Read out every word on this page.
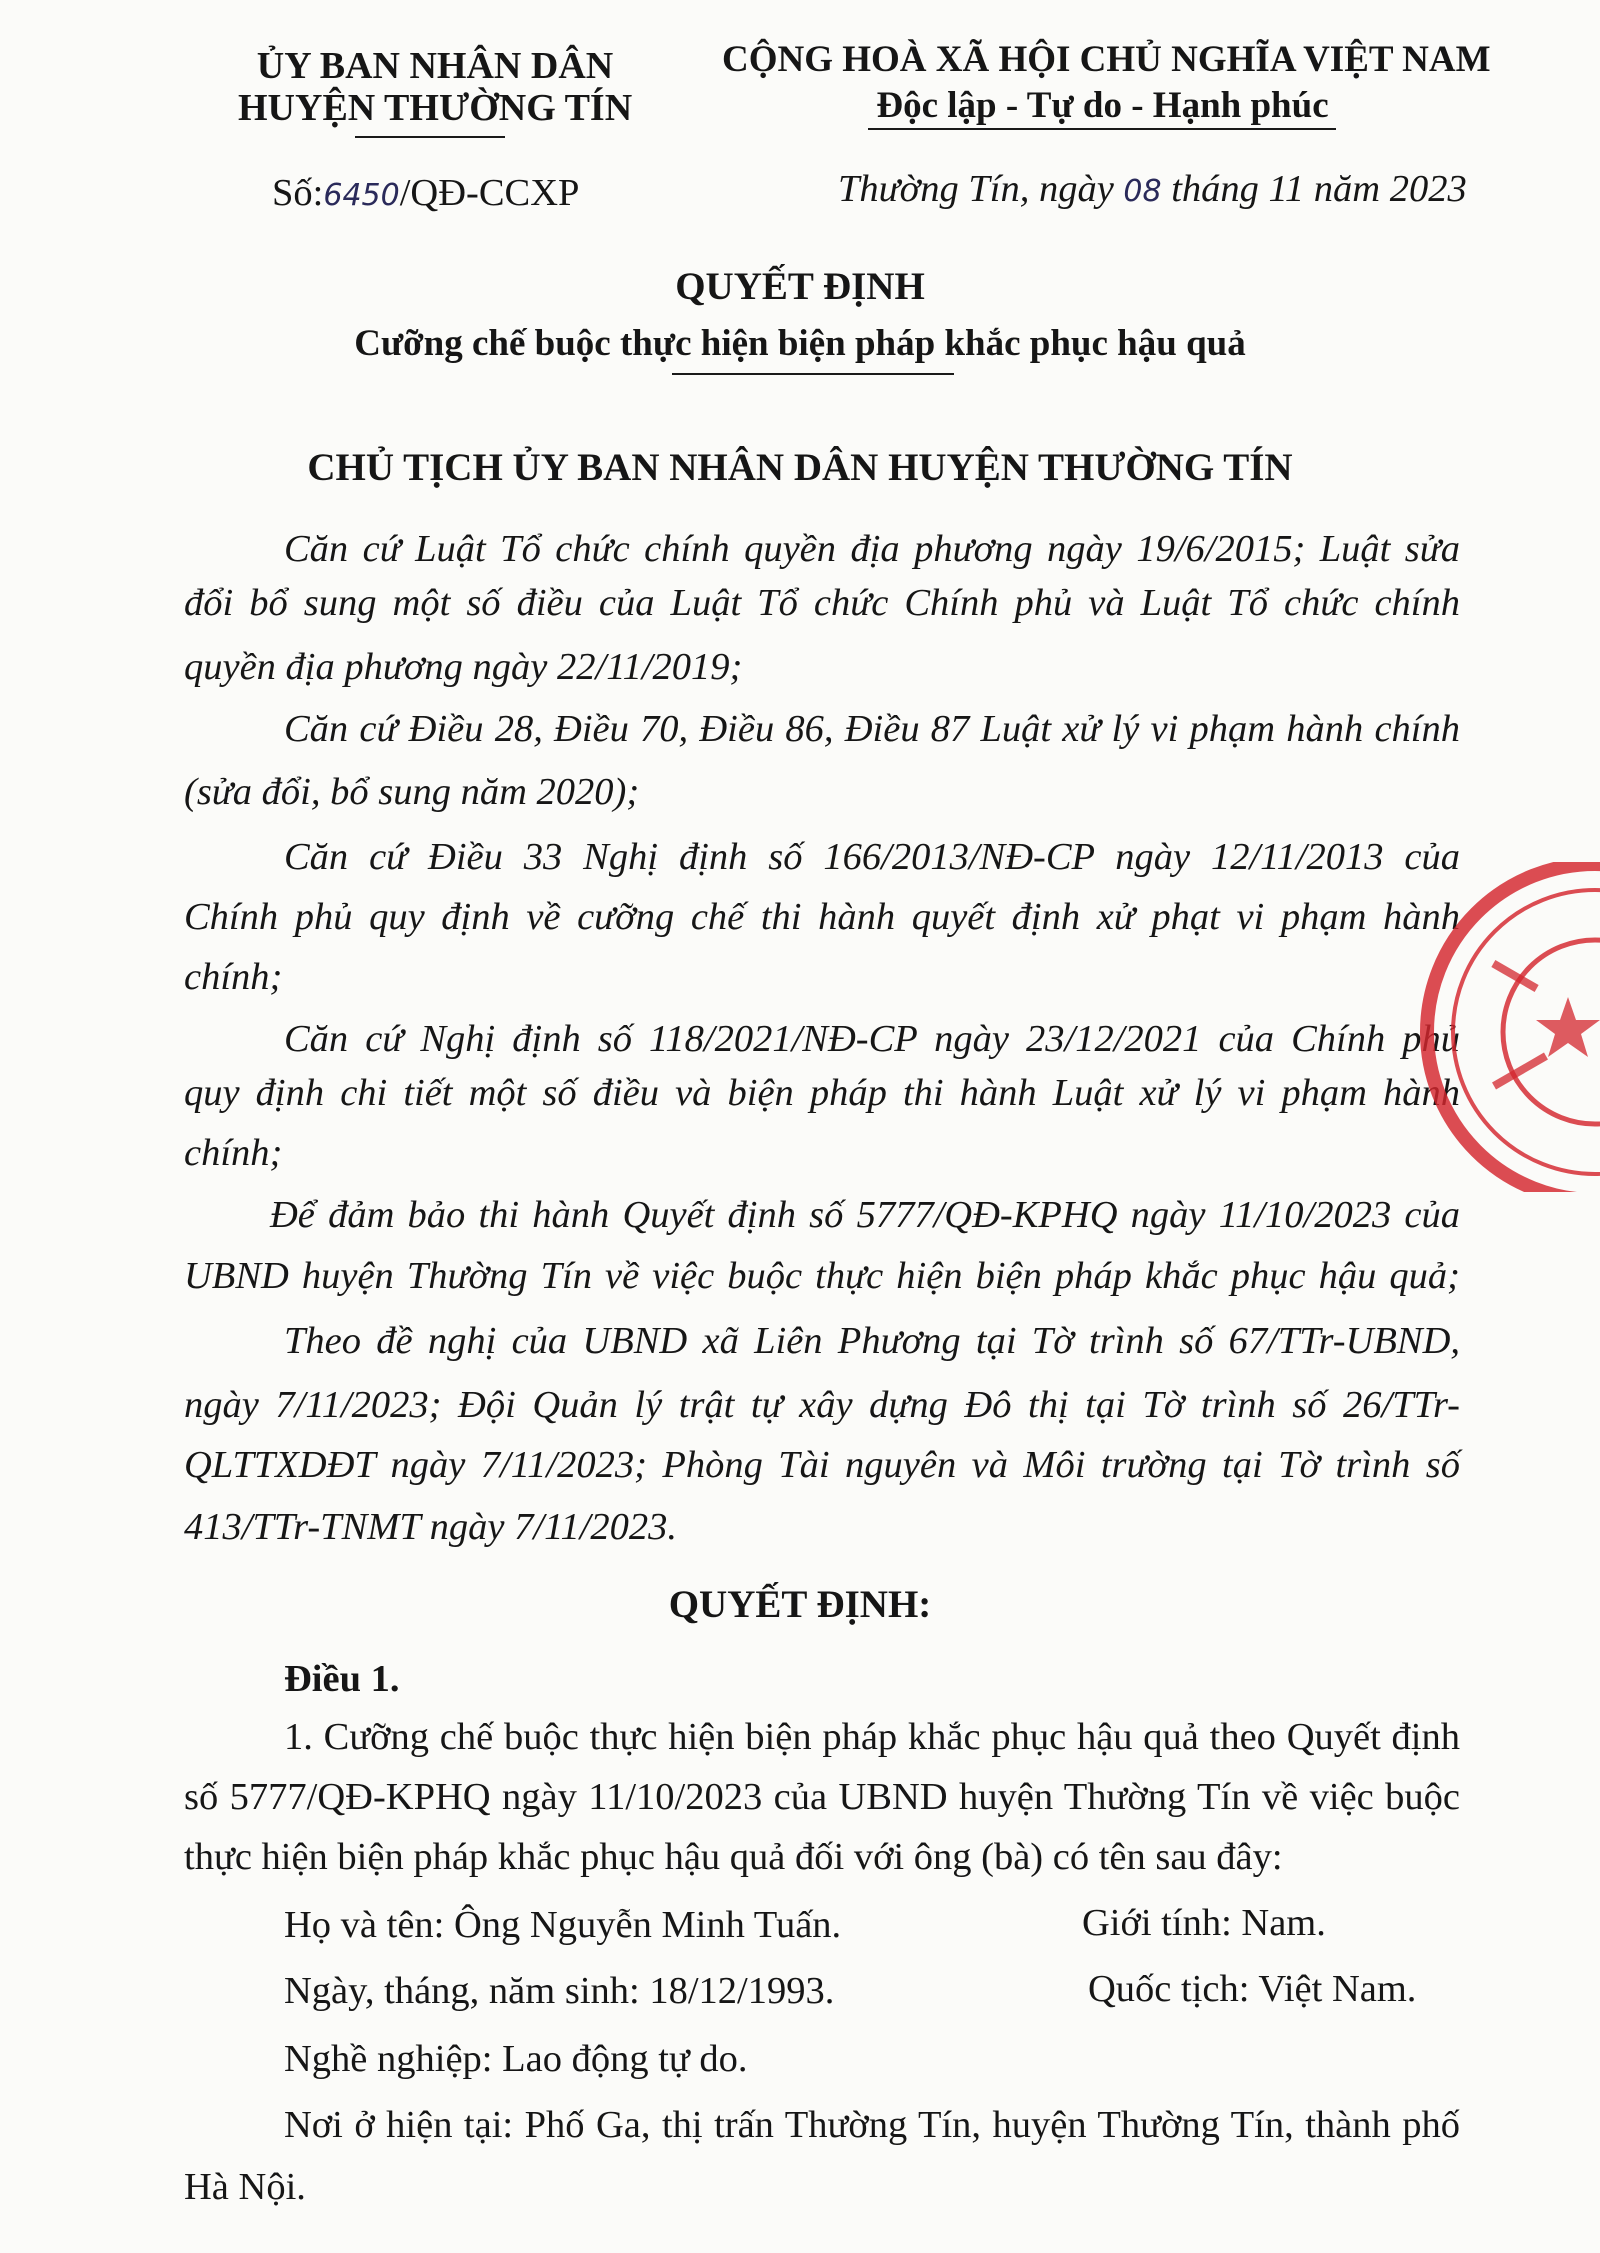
ỦY BAN NHÂN DÂN
HUYỆN THƯỜNG TÍN
CỘNG HOÀ XÃ HỘI CHỦ NGHĨA VIỆT NAM
Độc lập - Tự do - Hạnh phúc
Số:6450/QĐ-CCXP	Thường Tín, ngày 08 tháng 11 năm 2023
QUYẾT ĐỊNH
Cưỡng chế buộc thực hiện biện pháp khắc phục hậu quả
CHỦ TỊCH ỦY BAN NHÂN DÂN HUYỆN THƯỜNG TÍN
Căn cứ Luật Tổ chức chính quyền địa phương ngày 19/6/2015; Luật sửa
đổi bổ sung một số điều của Luật Tổ chức Chính phủ và Luật Tổ chức chính
quyền địa phương ngày 22/11/2019;
Căn cứ Điều 28, Điều 70, Điều 86, Điều 87 Luật xử lý vi phạm hành chính
(sửa đổi, bổ sung năm 2020);
Căn cứ Điều 33 Nghị định số 166/2013/NĐ-CP ngày 12/11/2013 của
Chính phủ quy định về cưỡng chế thi hành quyết định xử phạt vi phạm hành
chính;
Căn cứ Nghị định số 118/2021/NĐ-CP ngày 23/12/2021 của Chính phủ
quy định chi tiết một số điều và biện pháp thi hành Luật xử lý vi phạm hành
chính;
Để đảm bảo thi hành Quyết định số 5777/QĐ-KPHQ ngày 11/10/2023 của
UBND huyện Thường Tín về việc buộc thực hiện biện pháp khắc phục hậu quả;
Theo đề nghị của UBND xã Liên Phương tại Tờ trình số 67/TTr-UBND,
ngày 7/11/2023; Đội Quản lý trật tự xây dựng Đô thị tại Tờ trình số 26/TTr-
QLTTXDĐT ngày 7/11/2023; Phòng Tài nguyên và Môi trường tại Tờ trình số
413/TTr-TNMT ngày 7/11/2023.
QUYẾT ĐỊNH:
Điều 1.
1. Cưỡng chế buộc thực hiện biện pháp khắc phục hậu quả theo Quyết định
số 5777/QĐ-KPHQ ngày 11/10/2023 của UBND huyện Thường Tín về việc buộc
thực hiện biện pháp khắc phục hậu quả đối với ông (bà) có tên sau đây:
Họ và tên: Ông Nguyễn Minh Tuấn.	Giới tính: Nam.
Ngày, tháng, năm sinh: 18/12/1993.	Quốc tịch: Việt Nam.
Nghề nghiệp: Lao động tự do.
Nơi ở hiện tại: Phố Ga, thị trấn Thường Tín, huyện Thường Tín, thành phố
Hà Nội.
